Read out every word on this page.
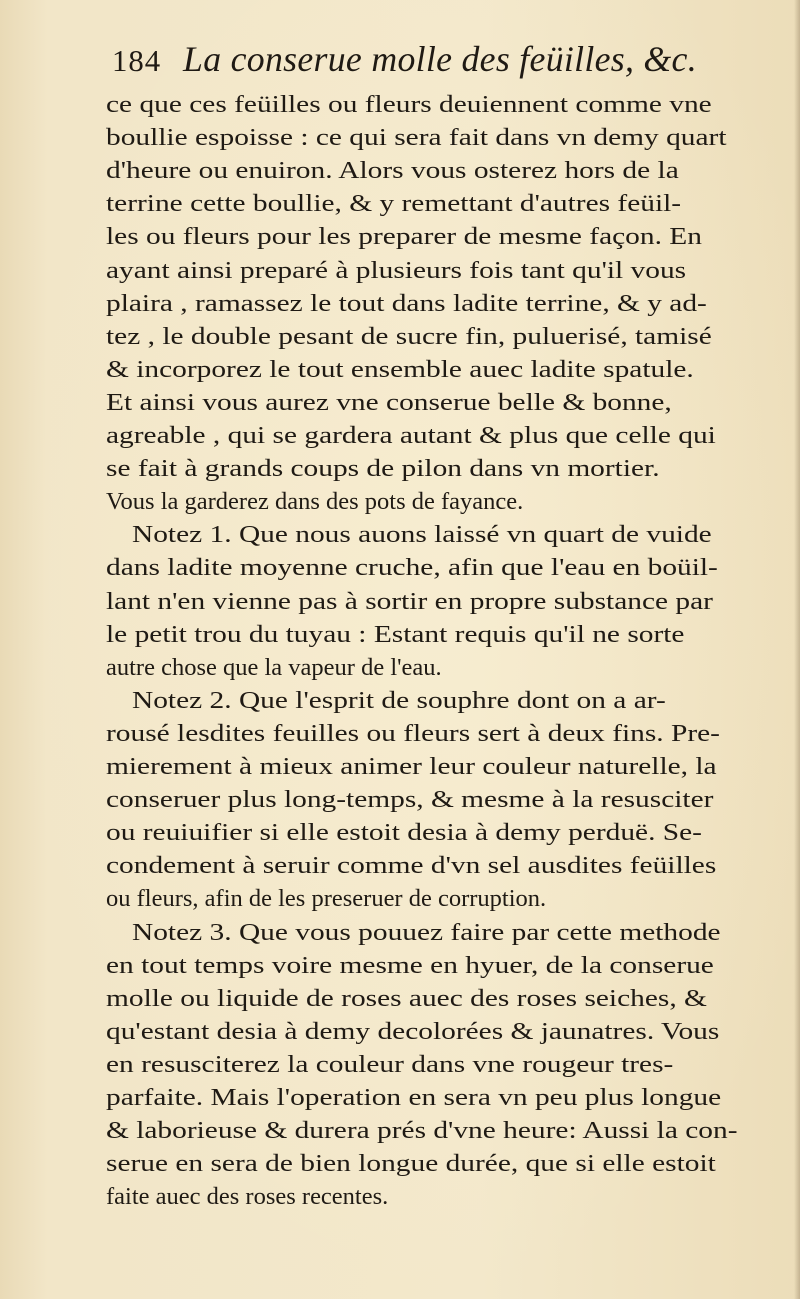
184 La conserue molle des feüilles, &c.
ce que ces feüilles ou fleurs deuiennent comme vne
boullie espoisse : ce qui sera fait dans vn demy quart
d'heure ou enuiron. Alors vous osterez hors de la
terrine cette boullie, & y remettant d'autres feüil-
les ou fleurs pour les preparer de mesme façon. En
ayant ainsi preparé à plusieurs fois tant qu'il vous
plaira , ramassez le tout dans ladite terrine, & y ad-
tez , le double pesant de sucre fin, puluerisé, tamisé
& incorporez le tout ensemble auec ladite spatule.
Et ainsi vous aurez vne conserue belle & bonne,
agreable , qui se gardera autant & plus que celle qui
se fait à grands coups de pilon dans vn mortier.
Vous la garderez dans des pots de fayance.
Notez 1. Que nous auons laissé vn quart de vuide
dans ladite moyenne cruche, afin que l'eau en boüil-
lant n'en vienne pas à sortir en propre substance par
le petit trou du tuyau : Estant requis qu'il ne sorte
autre chose que la vapeur de l'eau.
Notez 2. Que l'esprit de souphre dont on a ar-
rousé lesdites feuilles ou fleurs sert à deux fins. Pre-
mierement à mieux animer leur couleur naturelle, la
conseruer plus long-temps, & mesme à la resusciter
ou reuiuifier si elle estoit desia à demy perduë. Se-
condement à seruir comme d'vn sel ausdites feüilles
ou fleurs, afin de les preseruer de corruption.
Notez 3. Que vous pouuez faire par cette methode
en tout temps voire mesme en hyuer, de la conserue
molle ou liquide de roses auec des roses seiches, &
qu'estant desia à demy decolorées & jaunatres. Vous
en resusciterez la couleur dans vne rougeur tres-
parfaite. Mais l'operation en sera vn peu plus longue
& laborieuse & durera prés d'vne heure: Aussi la con-
serue en sera de bien longue durée, que si elle estoit
faite auec des roses recentes.
